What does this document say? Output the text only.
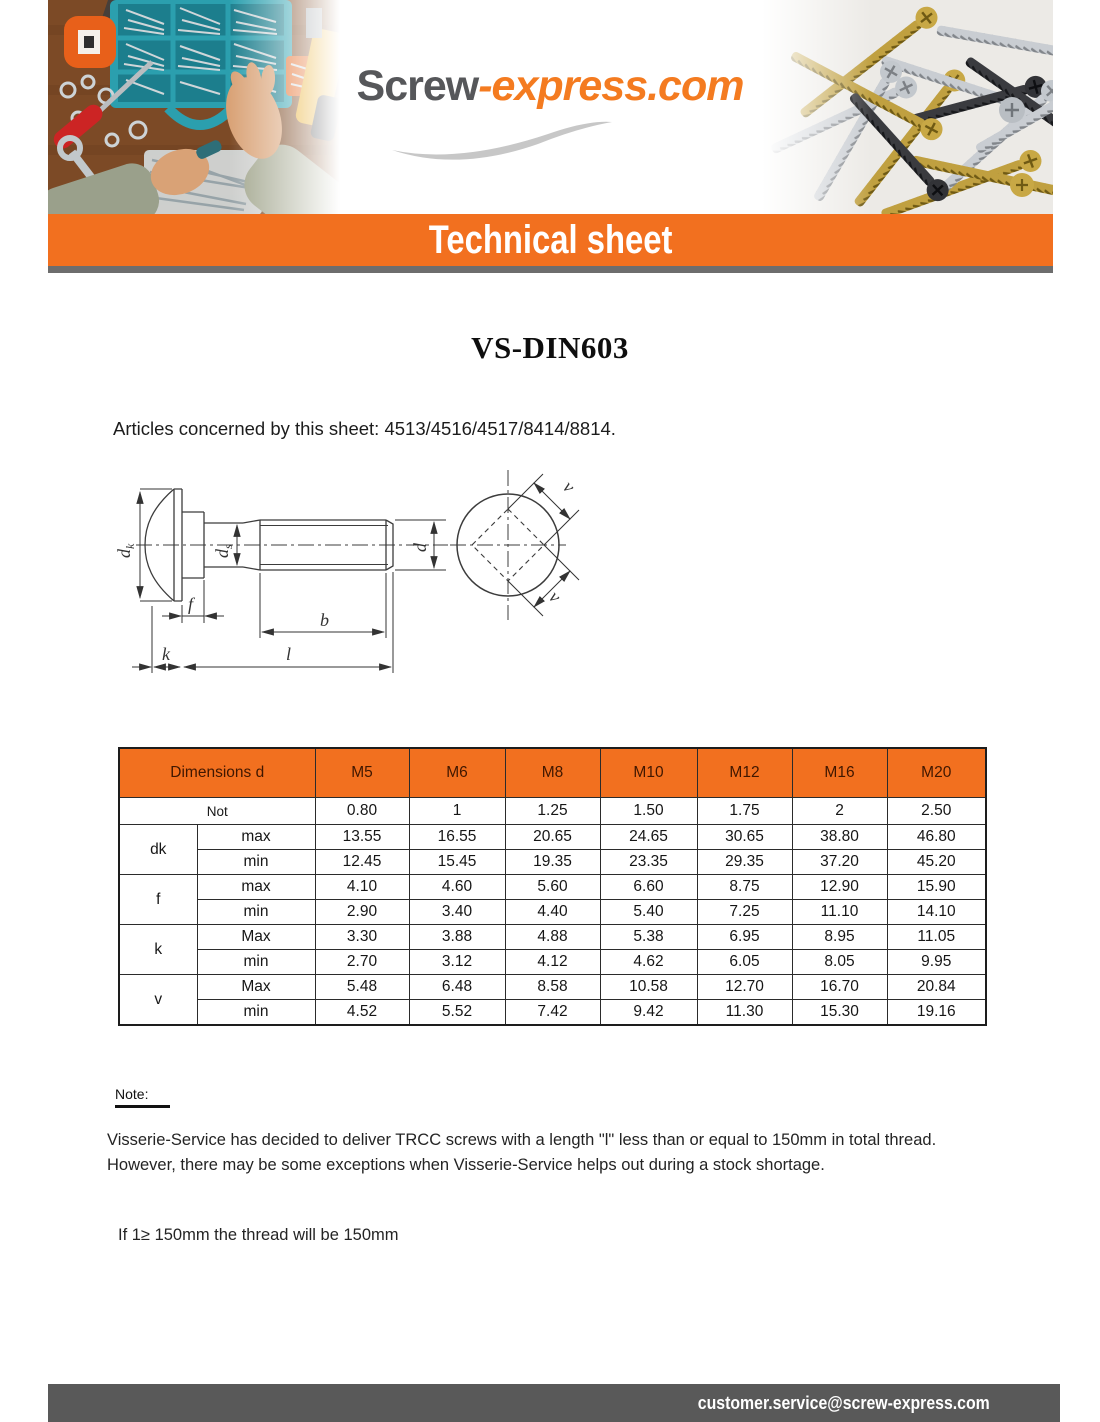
Screw-express.com
Technical sheet
VS-DIN603
Articles concerned by this sheet: 4513/4516/4517/8414/8814.
$d_k$
$d_s$	d
f
b
k	l
v
v
Dimensions d		M5	M6	M8	M10	M12	M16	M20
Not		0.80	1	1.25	1.50	1.75	2	2.50
dk	max	13.55	16.55	20.65	24.65	30.65	38.80	46.80
	min	12.45	15.45	19.35	23.35	29.35	37.20	45.20
f	max	4.10	4.60	5.60	6.60	8.75	12.90	15.90
	min	2.90	3.40	4.40	5.40	7.25	11.10	14.10
k	Max	3.30	3.88	4.88	5.38	6.95	8.95	11.05
	min	2.70	3.12	4.12	4.62	6.05	8.05	9.95
v	Max	5.48	6.48	8.58	10.58	12.70	16.70	20.84
	min	4.52	5.52	7.42	9.42	11.30	15.30	19.16
Note:
Visserie-Service has decided to deliver TRCC screws with a length "l" less than or equal to 150mm in total thread. However, there may be some exceptions when Visserie-Service helps out during a stock shortage.
If 1≥ 150mm the thread will be 150mm
customer.service@screw-express.com
